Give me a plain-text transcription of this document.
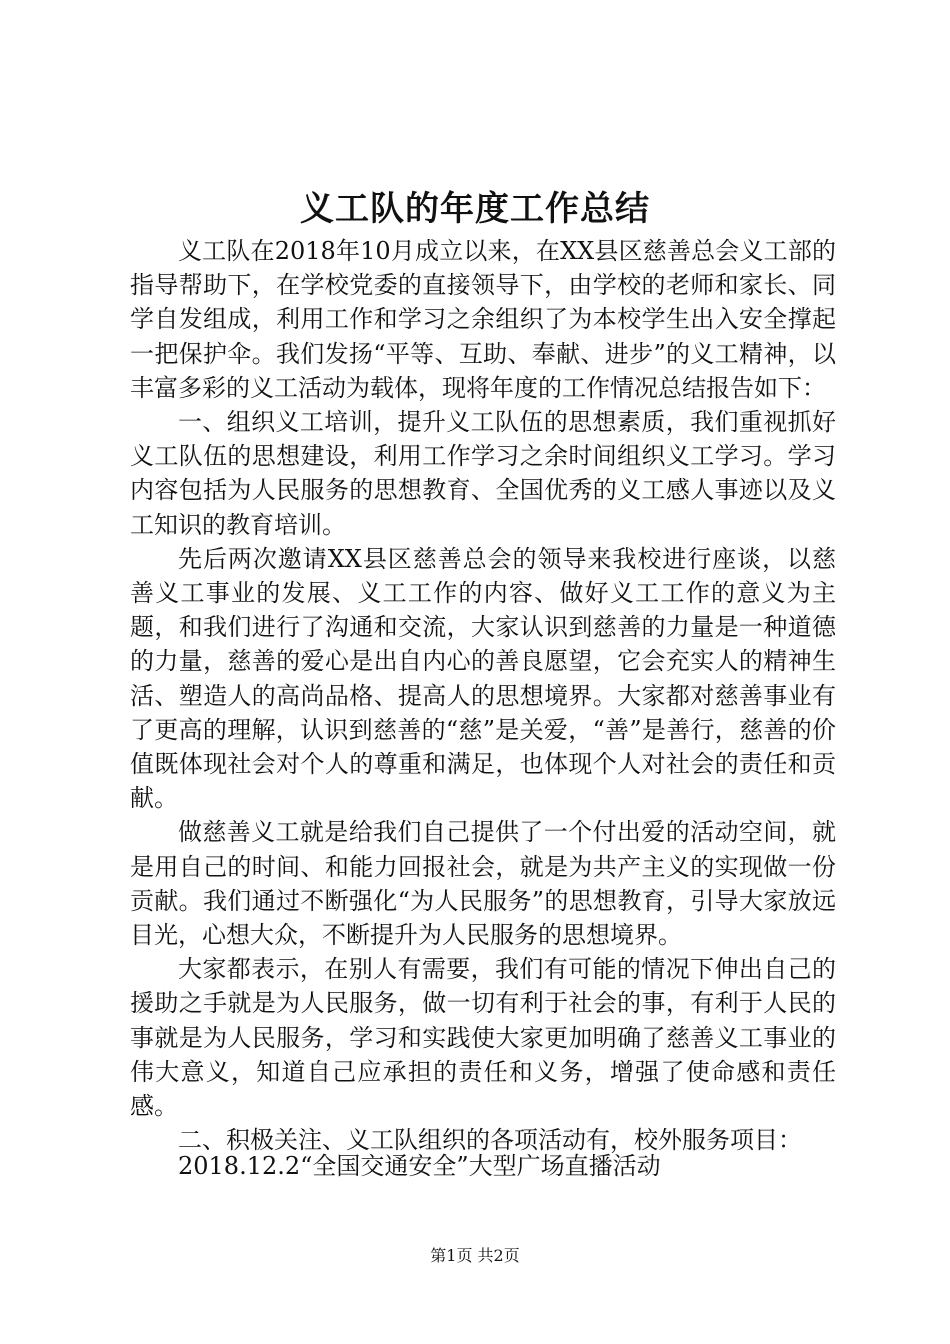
义工队的年度工作总结

义工队在2018年10月成立以来，在XX县区慈善总会义工部的指导帮助下，在学校党委的直接领导下，由学校的老师和家长、同学自发组成，利用工作和学习之余组织了为本校学生出入安全撑起一把保护伞。我们发扬“平等、互助、奉献、进步”的义工精神，以丰富多彩的义工活动为载体，现将年度的工作情况总结报告如下：

一、组织义工培训，提升义工队伍的思想素质，我们重视抓好义工队伍的思想建设，利用工作学习之余时间组织义工学习。学习内容包括为人民服务的思想教育、全国优秀的义工感人事迹以及义工知识的教育培训。

先后两次邀请XX县区慈善总会的领导来我校进行座谈，以慈善义工事业的发展、义工工作的内容、做好义工工作的意义为主题，和我们进行了沟通和交流，大家认识到慈善的力量是一种道德的力量，慈善的爱心是出自内心的善良愿望，它会充实人的精神生活、塑造人的高尚品格、提高人的思想境界。大家都对慈善事业有了更高的理解，认识到慈善的“慈”是关爱，“善”是善行，慈善的价值既体现社会对个人的尊重和满足，也体现个人对社会的责任和贡献。

做慈善义工就是给我们自己提供了一个付出爱的活动空间，就是用自己的时间、和能力回报社会，就是为共产主义的实现做一份贡献。我们通过不断强化“为人民服务”的思想教育，引导大家放远目光，心想大众，不断提升为人民服务的思想境界。

大家都表示，在别人有需要，我们有可能的情况下伸出自己的援助之手就是为人民服务，做一切有利于社会的事，有利于人民的事就是为人民服务，学习和实践使大家更加明确了慈善义工事业的伟大意义，知道自己应承担的责任和义务，增强了使命感和责任感。

二、积极关注、义工队组织的各项活动有，校外服务项目：

2018.12.2“全国交通安全”大型广场直播活动
第1页 共2页
